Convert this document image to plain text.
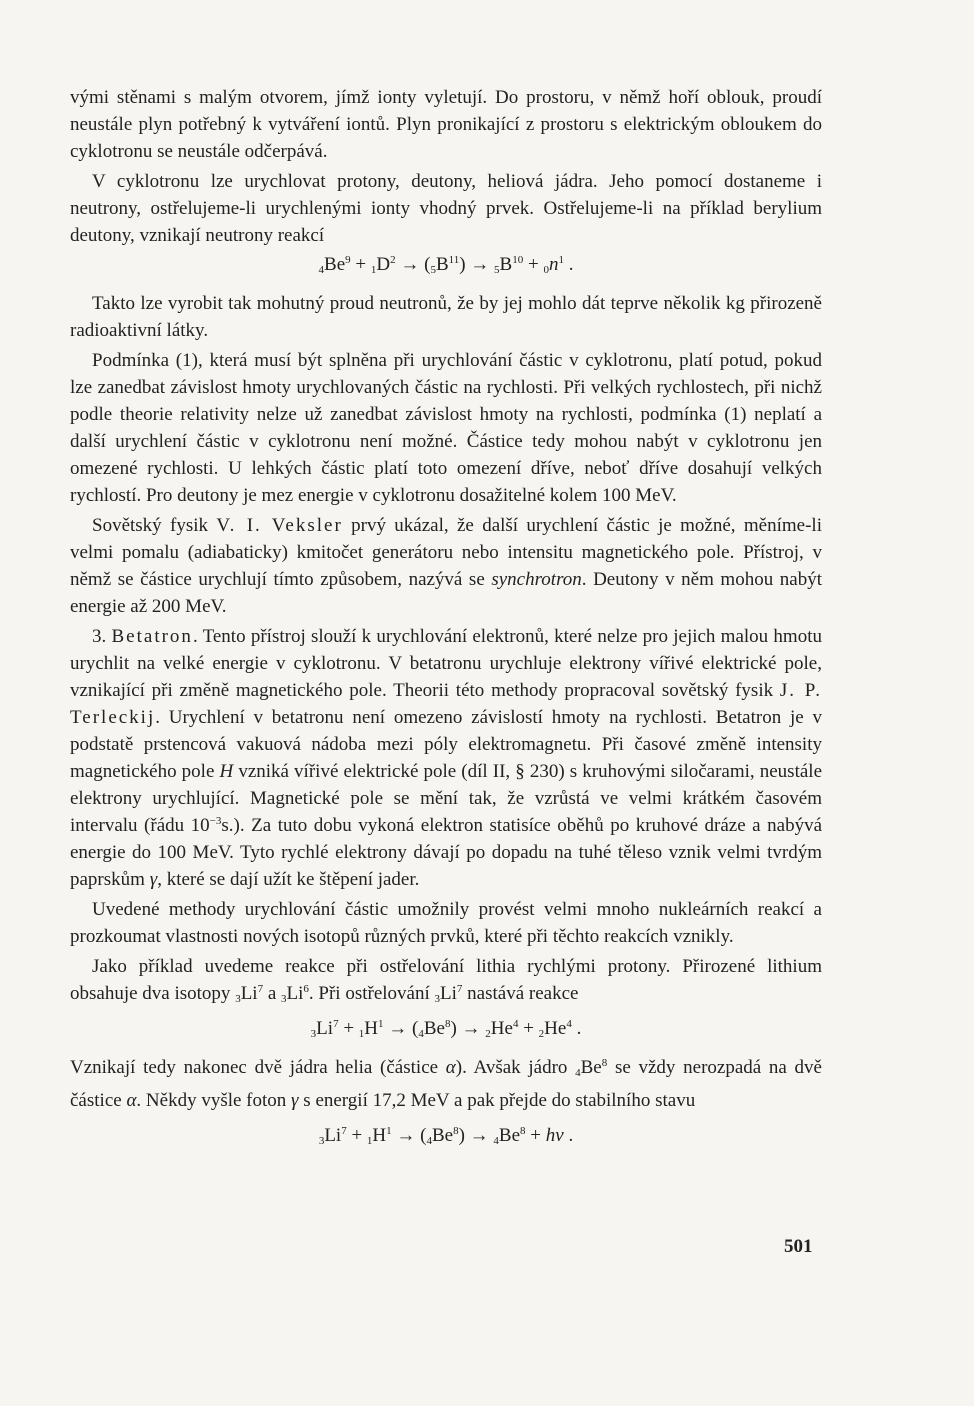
vými stěnami s malým otvorem, jímž ionty vyletují. Do prostoru, v němž hoří oblouk, proudí neustále plyn potřebný k vytváření iontů. Plyn pronikající z prostoru s elektrickým obloukem do cyklotronu se neustále odčerpává.

V cyklotronu lze urychlovat protony, deutony, heliová jádra. Jeho pomocí dostaneme i neutrony, ostřelujeme-li urychlenými ionty vhodný prvek. Ostřelujeme-li na příklad berylium deutony, vznikají neutrony reakcí

$4Be^9 + 1D^2 \to (5B^{11}) \to 5B^{10} + 0n^1$ .

Takto lze vyrobit tak mohutný proud neutronů, že by jej mohlo dát teprve několik kg přirozeně radioaktivní látky.

Podmínka (1), která musí být splněna při urychlování částic v cyklotronu, platí potud, pokud lze zanedbat závislost hmoty urychlovaných částic na rychlosti. Při velkých rychlostech, při nichž podle theorie relativity nelze už zanedbat závislost hmoty na rychlosti, podmínka (1) neplatí a další urychlení částic v cyklotronu není možné. Částice tedy mohou nabýt v cyklotronu jen omezené rychlosti. U lehkých částic platí toto omezení dříve, neboť dříve dosahují velkých rychlostí. Pro deutony je mez energie v cyklotronu dosažitelné kolem 100 MeV.

Sovětský fysik V. I. Veksler prvý ukázal, že další urychlení částic je možné, měníme-li velmi pomalu (adiabaticky) kmitočet generátoru nebo intensitu magnetického pole. Přístroj, v němž se částice urychlují tímto způsobem, nazývá se synchrotron. Deutony v něm mohou nabýt energie až 200 MeV.

3. Betatron. Tento přístroj slouží k urychlování elektronů, které nelze pro jejich malou hmotu urychlit na velké energie v cyklotronu. V betatronu urychluje elektrony vířivé elektrické pole, vznikající při změně magnetického pole. Theorii této methody propracoval sovětský fysik J. P. Terleckij. Urychlení v betatronu není omezeno závislostí hmoty na rychlosti. Betatron je v podstatě prstencová vakuová nádoba mezi póly elektromagnetu. Při časové změně intensity magnetického pole H vzniká vířivé elektrické pole (díl II, § 230) s kruhovými siločarami, neustále elektrony urychlující. Magnetické pole se mění tak, že vzrůstá ve velmi krátkém časovém intervalu (řádu $10^{-3}s$.). Za tuto dobu vykoná elektron statisíce oběhů po kruhové dráze a nabývá energie do 100 MeV. Tyto rychlé elektrony dávají po dopadu na tuhé těleso vznik velmi tvrdým paprskům γ, které se dají užít ke štěpení jader.

Uvedené methody urychlování částic umožnily provést velmi mnoho nukleárních reakcí a prozkoumat vlastnosti nových isotopů různých prvků, které při těchto reakcích vznikly.

Jako příklad uvedeme reakce při ostřelování lithia rychlými protony. Přirozené lithium obsahuje dva isotopy 3Li$^7$ a 3Li$^6$. Při ostřelování 3Li$^7$ nastává reakce

$3Li^7 + 1H^1 \to (4Be^8) \to 2He^4 + 2He^4$ .

Vznikají tedy nakonec dvě jádra helia (částice α). Avšak jádro 4Be$^8$ se vždy nerozpadá na dvě částice α. Někdy vyšle foton γ s energií 17,2 MeV a pak přejde do stabilního stavu

$3Li^7 + 1H^1 \to (4Be^8) \to 4Be^8 + h\nu$ .
501
